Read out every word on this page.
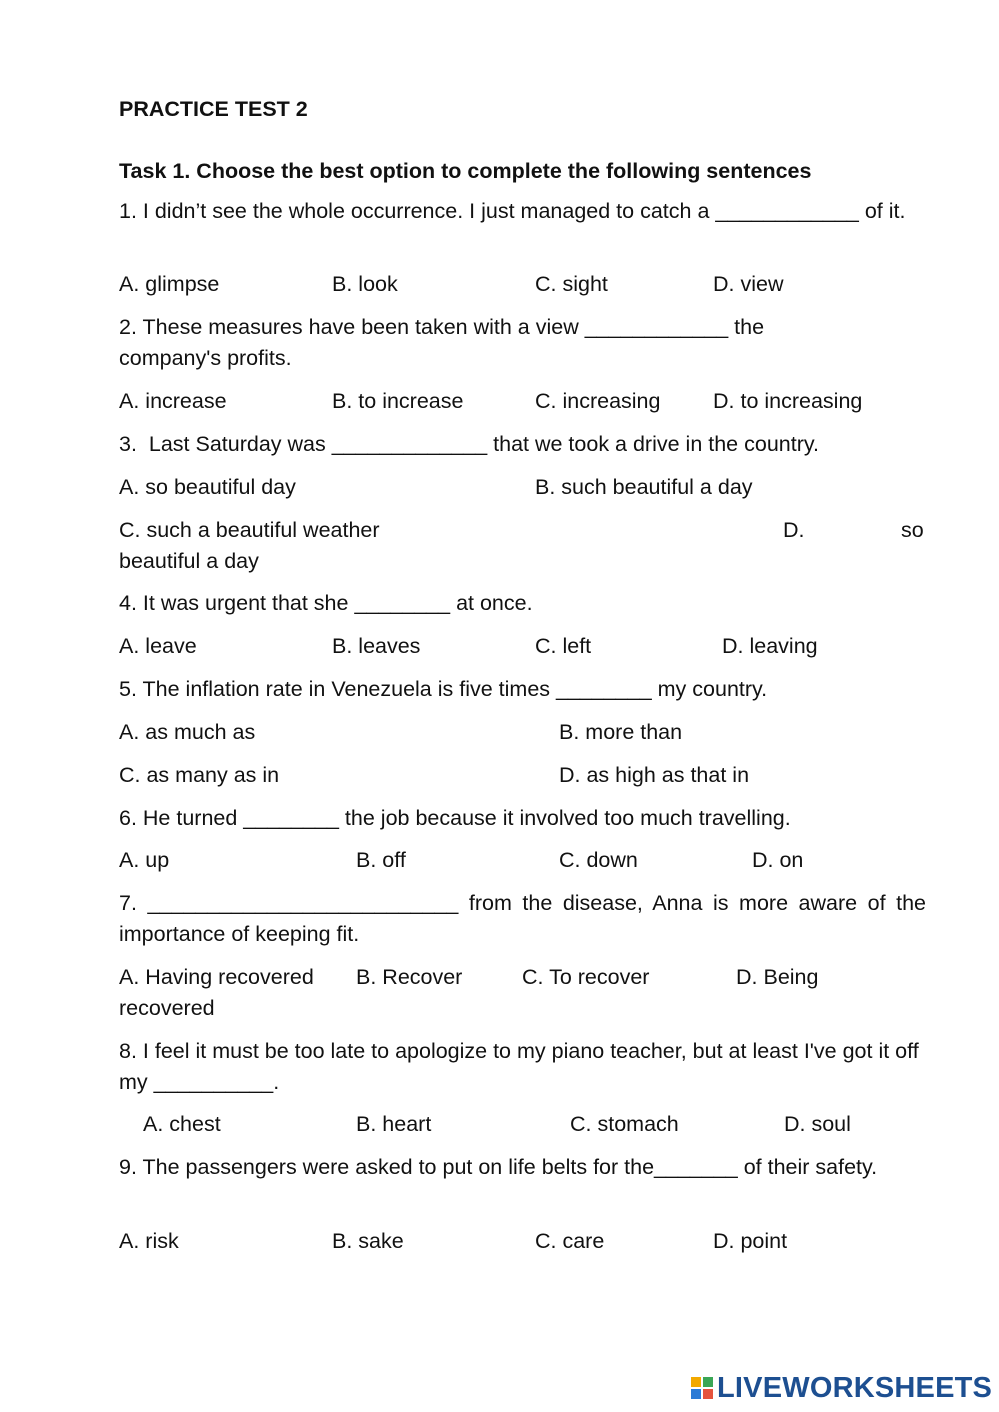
PRACTICE TEST 2
Task 1. Choose the best option to complete the following sentences
1. I didn’t see the whole occurrence. I just managed to catch a ____________ of it.
A. glimpse	B. look	C. sight	D. view
2. These measures have been taken with a view ____________ the company's profits.
A. increase	B. to increase	C. increasing D. to increasing
3.  Last Saturday was _____________ that we took a drive in the country.
A. so beautiful day	B. such beautiful a day
C. such a beautiful weather	D.	so
beautiful a day
4. It was urgent that she ________ at once.
A. leave	B. leaves	C. left	D. leaving
5. The inflation rate in Venezuela is five times ________ my country.
A. as much as	B. more than
C. as many as in	D. as high as that in
6. He turned ________ the job because it involved too much travelling.
A. up	B. off	C. down	D. on
7. __________________________ from the disease, Anna is more aware of the importance of keeping fit.
A. Having recovered B. Recover	C. To recover	D. Being
recovered
8. I feel it must be too late to apologize to my piano teacher, but at least I've got it off my __________.
A. chest	B. heart	C. stomach	D. soul
9. The passengers were asked to put on life belts for the_______ of their safety.
A. risk	B. sake	C. care	D. point
LIVEWORKSHEETS
